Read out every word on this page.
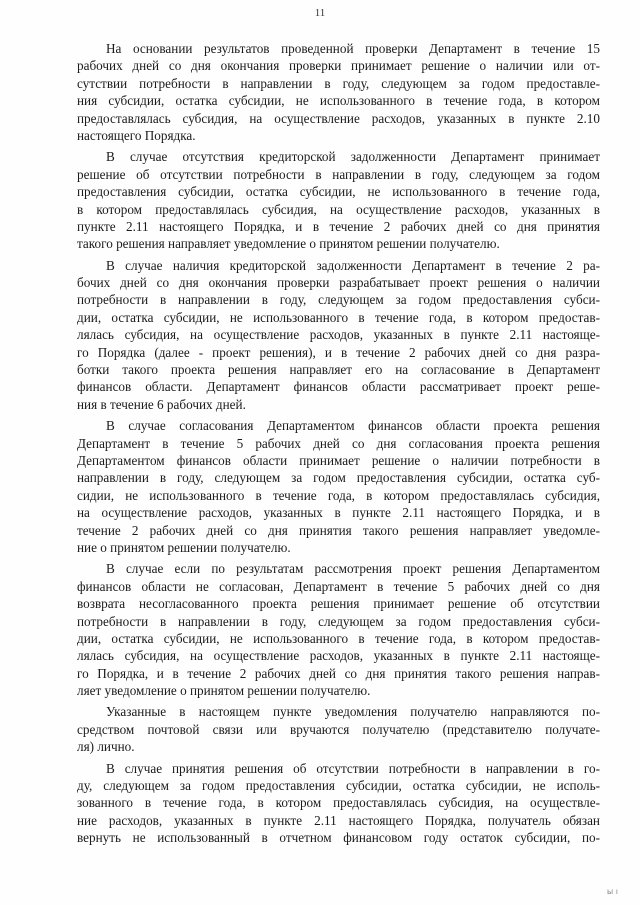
11
На основании результатов проведенной проверки Департамент в течение 15
рабочих дней со дня окончания проверки принимает решение о наличии или от-
сутствии потребности в направлении в году, следующем за годом предоставле-
ния субсидии, остатка субсидии, не использованного в течение года, в котором
предоставлялась субсидия, на осуществление расходов, указанных в пункте 2.10
настоящего Порядка.
В случае отсутствия кредиторской задолженности Департамент принимает
решение об отсутствии потребности в направлении в году, следующем за годом
предоставления субсидии, остатка субсидии, не использованного в течение года,
в котором предоставлялась субсидия, на осуществление расходов, указанных в
пункте 2.11 настоящего Порядка, и в течение 2 рабочих дней со дня принятия
такого решения направляет уведомление о принятом решении получателю.
В случае наличия кредиторской задолженности Департамент в течение 2 ра-
бочих дней со дня окончания проверки разрабатывает проект решения о наличии
потребности в направлении в году, следующем за годом предоставления субси-
дии, остатка субсидии, не использованного в течение года, в котором предостав-
лялась субсидия, на осуществление расходов, указанных в пункте 2.11 настояще-
го Порядка (далее - проект решения), и в течение 2 рабочих дней со дня разра-
ботки такого проекта решения направляет его на согласование в Департамент
финансов области. Департамент финансов области рассматривает проект реше-
ния в течение 6 рабочих дней.
В случае согласования Департаментом финансов области проекта решения
Департамент в течение 5 рабочих дней со дня согласования проекта решения
Департаментом финансов области принимает решение о наличии потребности в
направлении в году, следующем за годом предоставления субсидии, остатка суб-
сидии, не использованного в течение года, в котором предоставлялась субсидия,
на осуществление расходов, указанных в пункте 2.11 настоящего Порядка, и в
течение 2 рабочих дней со дня принятия такого решения направляет уведомле-
ние о принятом решении получателю.
В случае если по результатам рассмотрения проект решения Департаментом
финансов области не согласован, Департамент в течение 5 рабочих дней со дня
возврата несогласованного проекта решения принимает решение об отсутствии
потребности в направлении в году, следующем за годом предоставления субси-
дии, остатка субсидии, не использованного в течение года, в котором предостав-
лялась субсидия, на осуществление расходов, указанных в пункте 2.11 настояще-
го Порядка, и в течение 2 рабочих дней со дня принятия такого решения направ-
ляет уведомление о принятом решении получателю.
Указанные в настоящем пункте уведомления получателю направляются по-
средством почтовой связи или вручаются получателю (представителю получате-
ля) лично.
В случае принятия решения об отсутствии потребности в направлении в го-
ду, следующем за годом предоставления субсидии, остатка субсидии, не исполь-
зованного в течение года, в котором предоставлялась субсидия, на осуществле-
ние расходов, указанных в пункте 2.11 настоящего Порядка, получатель обязан
вернуть не использованный в отчетном финансовом году остаток субсидии, по-
ы ı
